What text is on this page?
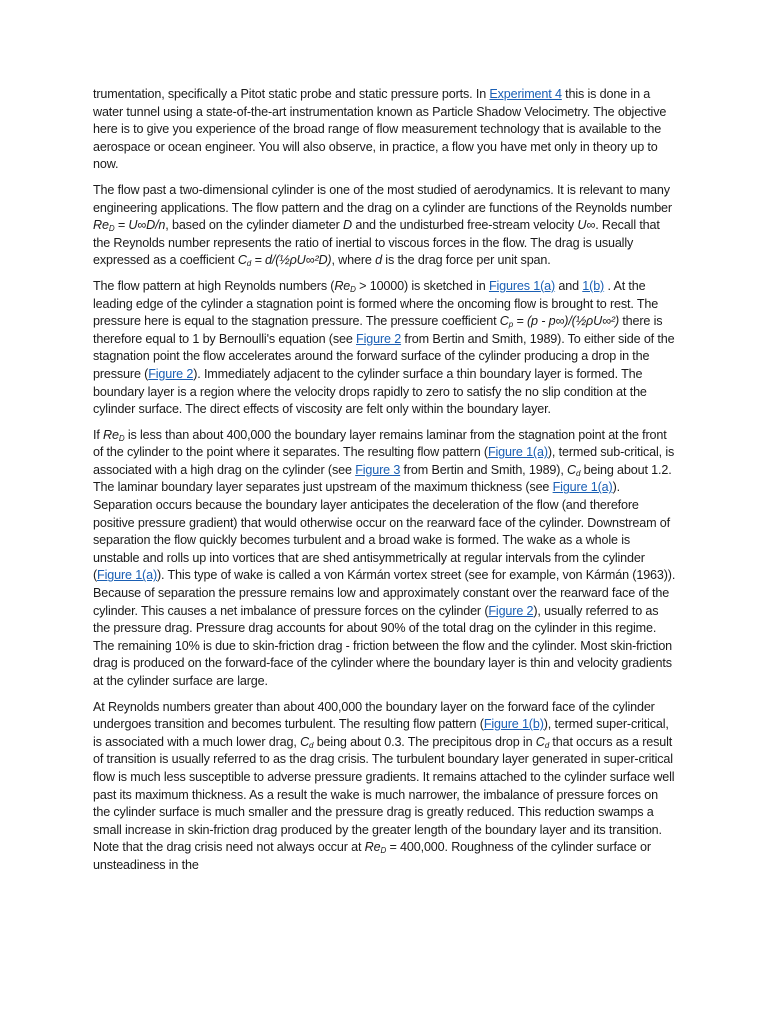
trumentation, specifically a Pitot static probe and static pressure ports. In Experiment 4 this is done in a water tunnel using a state-of-the-art instrumentation known as Particle Shadow Velocimetry. The objective here is to give you experience of the broad range of flow measurement technology that is available to the aerospace or ocean engineer. You will also observe, in practice, a flow you have met only in theory up to now.

The flow past a two-dimensional cylinder is one of the most studied of aerodynamics. It is relevant to many engineering applications. The flow pattern and the drag on a cylinder are functions of the Reynolds number $Re_D = U\infty D/n$, based on the cylinder diameter D and the undisturbed free-stream velocity U∞. Recall that the Reynolds number represents the ratio of inertial to viscous forces in the flow. The drag is usually expressed as a coefficient $C_d$ = d/(½ρU∞²D), where d is the drag force per unit span.

The flow pattern at high Reynolds numbers $(Re_D > 10000)$ is sketched in Figures 1(a) and 1(b) . At the leading edge of the cylinder a stagnation point is formed where the oncoming flow is brought to rest. The pressure here is equal to the stagnation pressure. The pressure coefficient $C_p = (p$ - p∞)/(½ρU∞²) there is therefore equal to 1 by Bernoulli's equation (see Figure 2 from Bertin and Smith, 1989). To either side of the stagnation point the flow accelerates around the forward surface of the cylinder producing a drop in the pressure (Figure 2). Immediately adjacent to the cylinder surface a thin boundary layer is formed. The boundary layer is a region where the velocity drops rapidly to zero to satisfy the no slip condition at the cylinder surface. The direct effects of viscosity are felt only within the boundary layer.

If $Re_D$ is less than about 400,000 the boundary layer remains laminar from the stagnation point at the front of the cylinder to the point where it separates. The resulting flow pattern (Figure 1(a)), termed sub-critical, is associated with a high drag on the cylinder (see Figure 3 from Bertin and Smith, 1989), $C_d$ being about 1.2. The laminar boundary layer separates just upstream of the maximum thickness (see Figure 1(a)). Separation occurs because the boundary layer anticipates the deceleration of the flow (and therefore positive pressure gradient) that would otherwise occur on the rearward face of the cylinder. Downstream of separation the flow quickly becomes turbulent and a broad wake is formed. The wake as a whole is unstable and rolls up into vortices that are shed antisymmetrically at regular intervals from the cylinder (Figure 1(a)). This type of wake is called a von Kármán vortex street (see for example, von Kármán (1963)). Because of separation the pressure remains low and approximately constant over the rearward face of the cylinder. This causes a net imbalance of pressure forces on the cylinder (Figure 2), usually referred to as the pressure drag. Pressure drag accounts for about 90% of the total drag on the cylinder in this regime. The remaining 10% is due to skin-friction drag - friction between the flow and the cylinder. Most skin-friction drag is produced on the forward-face of the cylinder where the boundary layer is thin and velocity gradients at the cylinder surface are large.

At Reynolds numbers greater than about 400,000 the boundary layer on the forward face of the cylinder undergoes transition and becomes turbulent. The resulting flow pattern (Figure 1(b)), termed super-critical, is associated with a much lower drag, $C_d$ being about 0.3. The precipitous drop in $C_d$ that occurs as a result of transition is usually referred to as the drag crisis. The turbulent boundary layer generated in super-critical flow is much less susceptible to adverse pressure gradients. It remains attached to the cylinder surface well past its maximum thickness. As a result the wake is much narrower, the imbalance of pressure forces on the cylinder surface is much smaller and the pressure drag is greatly reduced. This reduction swamps a small increase in skin-friction drag produced by the greater length of the boundary layer and its transition. Note that the drag crisis need not always occur at $Re_D = 400,000$. Roughness of the cylinder surface or unsteadiness in the
